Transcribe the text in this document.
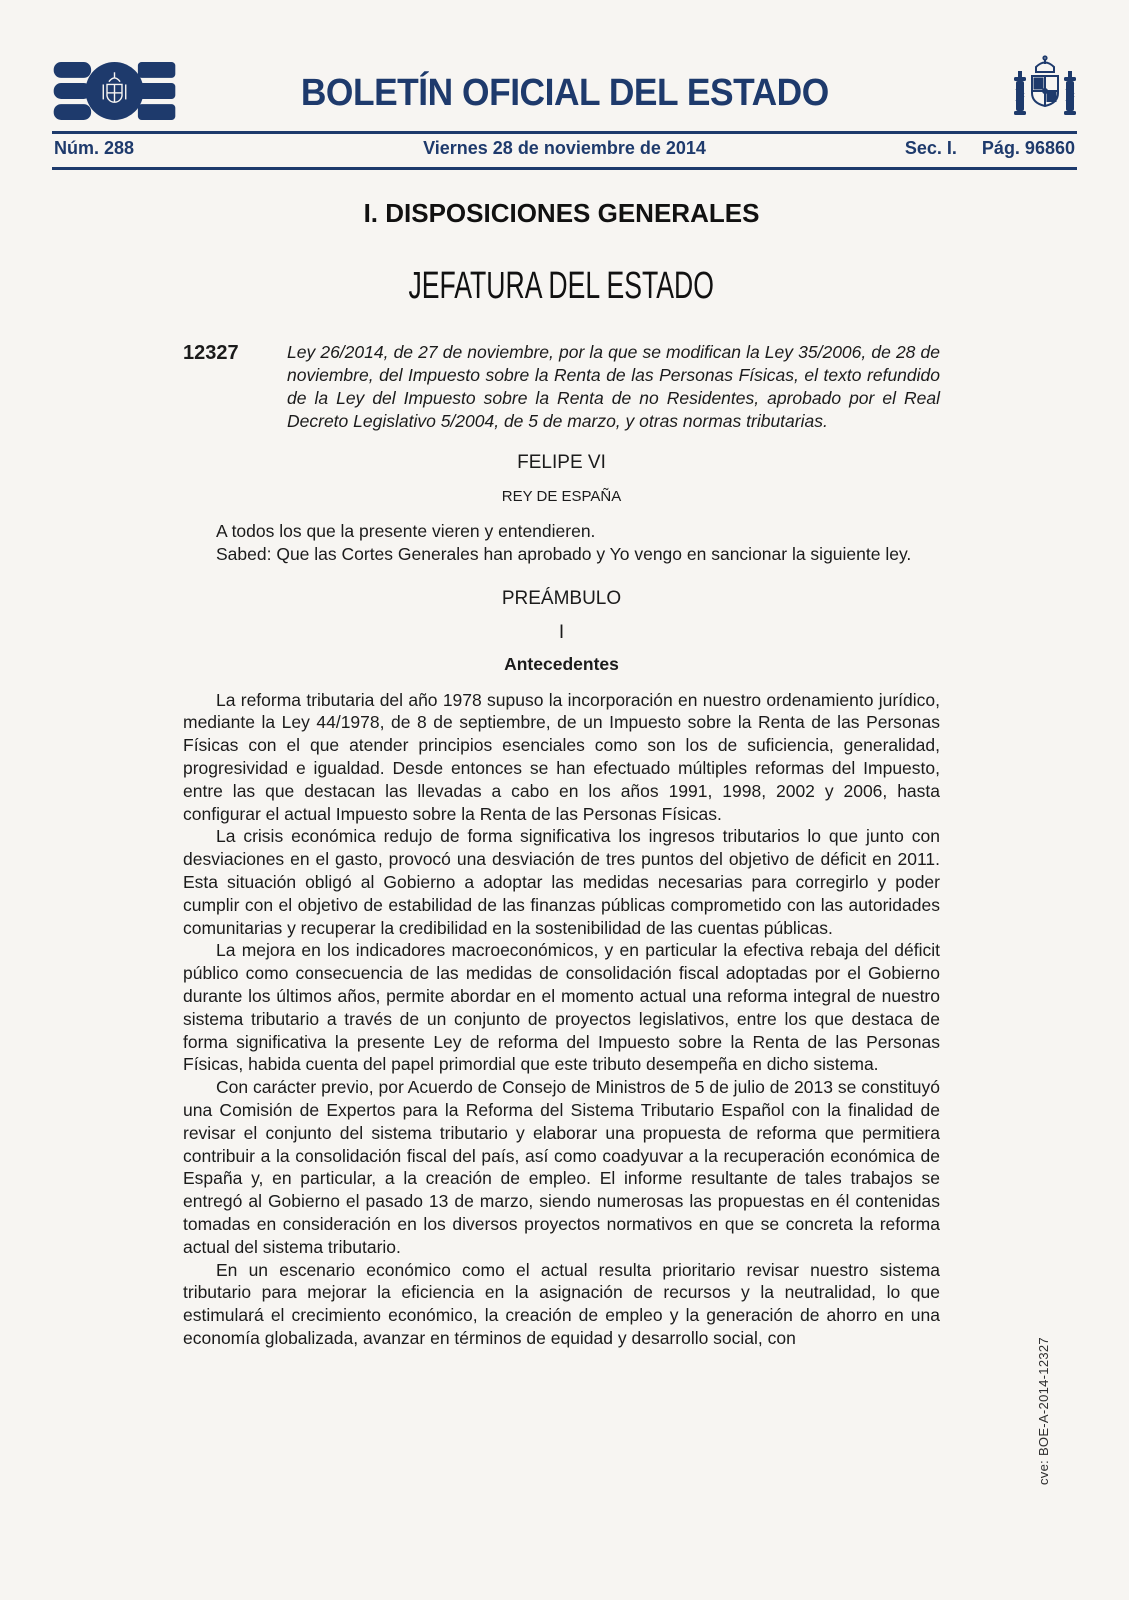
BOLETÍN OFICIAL DEL ESTADO
Núm. 288	Viernes 28 de noviembre de 2014	Sec. I. Pág. 96860
I. DISPOSICIONES GENERALES
JEFATURA DEL ESTADO
12327	Ley 26/2014, de 27 de noviembre, por la que se modifican la Ley 35/2006, de 28 de noviembre, del Impuesto sobre la Renta de las Personas Físicas, el texto refundido de la Ley del Impuesto sobre la Renta de no Residentes, aprobado por el Real Decreto Legislativo 5/2004, de 5 de marzo, y otras normas tributarias.

FELIPE VI
REY DE ESPAÑA

A todos los que la presente vieren y entendieren.

Sabed: Que las Cortes Generales han aprobado y Yo vengo en sancionar la siguiente ley.

PREÁMBULO
I
Antecedentes

La reforma tributaria del año 1978 supuso la incorporación en nuestro ordenamiento jurídico, mediante la Ley 44/1978, de 8 de septiembre, de un Impuesto sobre la Renta de las Personas Físicas con el que atender principios esenciales como son los de suficiencia, generalidad, progresividad e igualdad. Desde entonces se han efectuado múltiples reformas del Impuesto, entre las que destacan las llevadas a cabo en los años 1991, 1998, 2002 y 2006, hasta configurar el actual Impuesto sobre la Renta de las Personas Físicas.

La crisis económica redujo de forma significativa los ingresos tributarios lo que junto con desviaciones en el gasto, provocó una desviación de tres puntos del objetivo de déficit en 2011. Esta situación obligó al Gobierno a adoptar las medidas necesarias para corregirlo y poder cumplir con el objetivo de estabilidad de las finanzas públicas comprometido con las autoridades comunitarias y recuperar la credibilidad en la sostenibilidad de las cuentas públicas.

La mejora en los indicadores macroeconómicos, y en particular la efectiva rebaja del déficit público como consecuencia de las medidas de consolidación fiscal adoptadas por el Gobierno durante los últimos años, permite abordar en el momento actual una reforma integral de nuestro sistema tributario a través de un conjunto de proyectos legislativos, entre los que destaca de forma significativa la presente Ley de reforma del Impuesto sobre la Renta de las Personas Físicas, habida cuenta del papel primordial que este tributo desempeña en dicho sistema.

Con carácter previo, por Acuerdo de Consejo de Ministros de 5 de julio de 2013 se constituyó una Comisión de Expertos para la Reforma del Sistema Tributario Español con la finalidad de revisar el conjunto del sistema tributario y elaborar una propuesta de reforma que permitiera contribuir a la consolidación fiscal del país, así como coadyuvar a la recuperación económica de España y, en particular, a la creación de empleo. El informe resultante de tales trabajos se entregó al Gobierno el pasado 13 de marzo, siendo numerosas las propuestas en él contenidas tomadas en consideración en los diversos proyectos normativos en que se concreta la reforma actual del sistema tributario.

En un escenario económico como el actual resulta prioritario revisar nuestro sistema tributario para mejorar la eficiencia en la asignación de recursos y la neutralidad, lo que estimulará el crecimiento económico, la creación de empleo y la generación de ahorro en una economía globalizada, avanzar en términos de equidad y desarrollo social, con	cve: BOE-A-2014-12327
